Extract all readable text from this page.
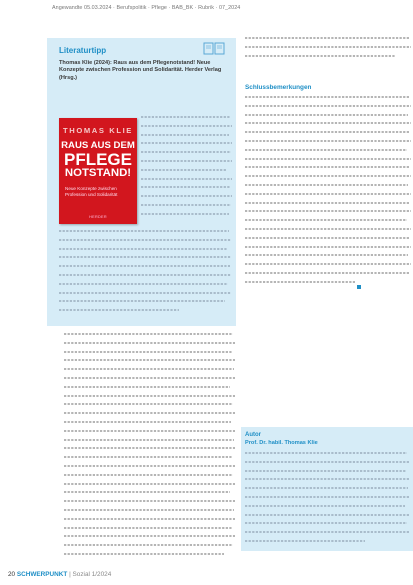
Angewandte 05.03.2024 · Berufspolitik · Pflege · BAB_BK · Rubrik · 07_2024
Literaturtipp
Thomas Klie (2024): Raus aus dem Pflegenotstand! Neue Konzepte zwischen Profession und Solidarität. Herder Verlag (Hrsg.)
THOMAS KLIE
RAUS AUS DEM
PFLEGE
NOTSTAND!
Neue Konzepte zwischen Profession und Solidarität
HERDER
Schlussbemerkungen
Autor
Prof. Dr. habil. Thomas Klie
20 SCHWERPUNKT | Sozial 1/2024
